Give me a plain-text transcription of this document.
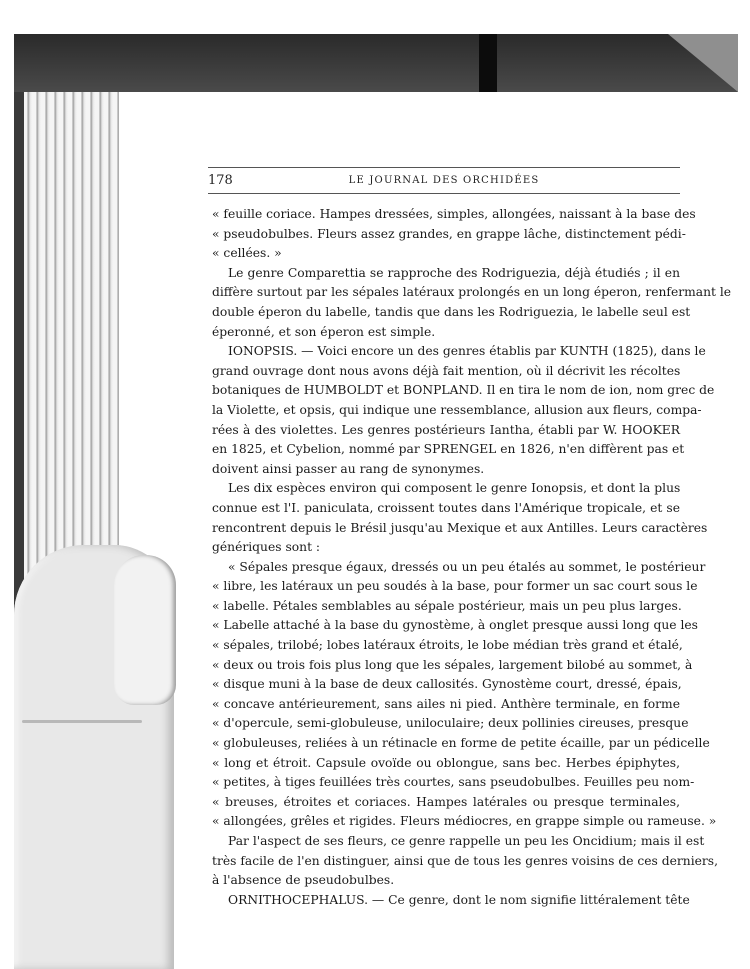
178	LE JOURNAL DES ORCHIDÉES
« feuille coriace. Hampes dressées, simples, allongées, naissant à la base des
« pseudobulbes. Fleurs assez grandes, en grappe lâche, distinctement pédi-
« cellées. »
Le genre Comparettia se rapproche des Rodriguezia, déjà étudiés ; il en
diffère surtout par les sépales latéraux prolongés en un long éperon, renfermant le
double éperon du labelle, tandis que dans les Rodriguezia, le labelle seul est
éperonné, et son éperon est simple.
IONOPSIS. — Voici encore un des genres établis par KUNTH (1825), dans le
grand ouvrage dont nous avons déjà fait mention, où il décrivit les récoltes
botaniques de HUMBOLDT et BONPLAND. Il en tira le nom de ion, nom grec de
la Violette, et opsis, qui indique une ressemblance, allusion aux fleurs, compa-
rées à des violettes. Les genres postérieurs Iantha, établi par W. HOOKER
en 1825, et Cybelion, nommé par SPRENGEL en 1826, n'en diffèrent pas et
doivent ainsi passer au rang de synonymes.
Les dix espèces environ qui composent le genre Ionopsis, et dont la plus
connue est l'I. paniculata, croissent toutes dans l'Amérique tropicale, et se
rencontrent depuis le Brésil jusqu'au Mexique et aux Antilles. Leurs caractères
génériques sont :
« Sépales presque égaux, dressés ou un peu étalés au sommet, le postérieur
« libre, les latéraux un peu soudés à la base, pour former un sac court sous le
« labelle. Pétales semblables au sépale postérieur, mais un peu plus larges.
« Labelle attaché à la base du gynostème, à onglet presque aussi long que les
« sépales, trilobé; lobes latéraux étroits, le lobe médian très grand et étalé,
« deux ou trois fois plus long que les sépales, largement bilobé au sommet, à
« disque muni à la base de deux callosités. Gynostème court, dressé, épais,
« concave antérieurement, sans ailes ni pied. Anthère terminale, en forme
« d'opercule, semi-globuleuse, uniloculaire; deux pollinies cireuses, presque
« globuleuses, reliées à un rétinacle en forme de petite écaille, par un pédicelle
« long et étroit. Capsule ovoïde ou oblongue, sans bec. Herbes épiphytes,
« petites, à tiges feuillées très courtes, sans pseudobulbes. Feuilles peu nom-
« breuses, étroites et coriaces. Hampes latérales ou presque terminales,
« allongées, grêles et rigides. Fleurs médiocres, en grappe simple ou rameuse. »
Par l'aspect de ses fleurs, ce genre rappelle un peu les Oncidium; mais il est
très facile de l'en distinguer, ainsi que de tous les genres voisins de ces derniers,
à l'absence de pseudobulbes.
ORNITHOCEPHALUS. — Ce genre, dont le nom signifie littéralement tête
